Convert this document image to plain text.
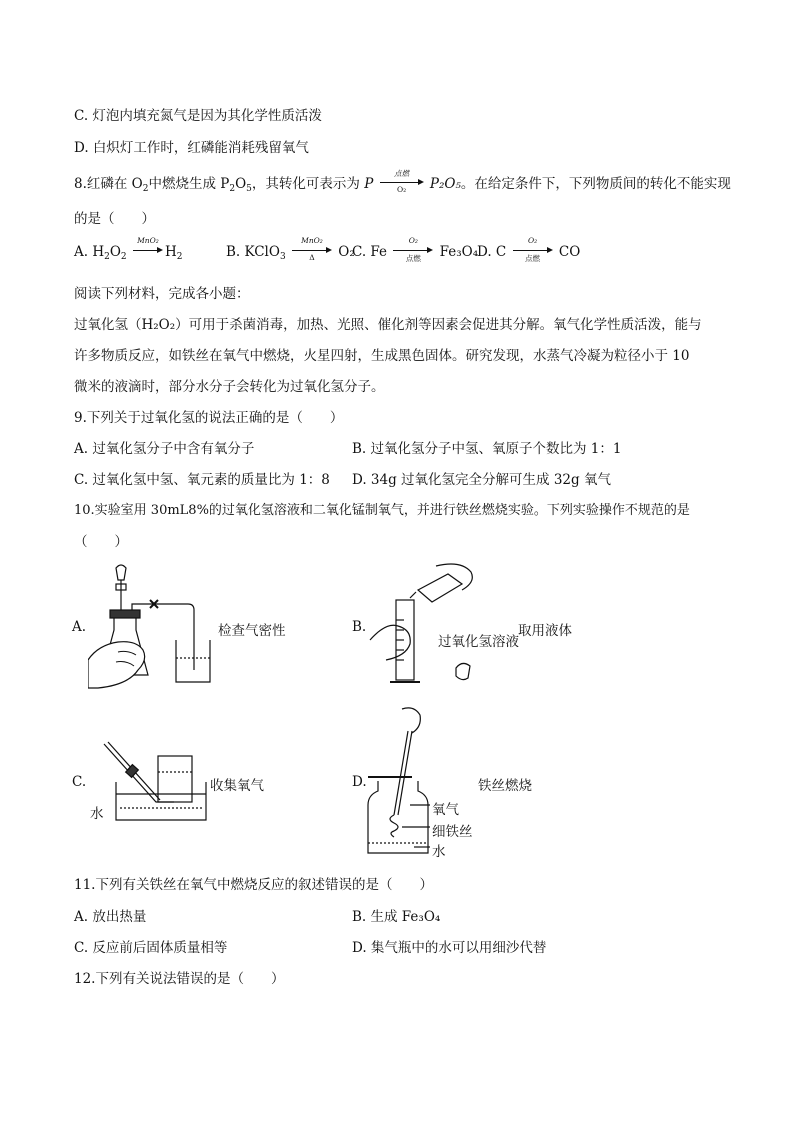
C. 灯泡内填充氮气是因为其化学性质活泼
D. 白炽灯工作时，红磷能消耗残留氧气
8.红磷在 $O_2$中燃烧生成 $P_2O_5$，其转化可表示为 P
点燃
O₂	P₂O₅。在给定条件下，下列物质间的转化不能实现
的是（　　）
A. $H_2O_2$
MnO₂
$H_2$	B. KClO$_3$
MnO₂
Δ	O₂
C. Fe
O₂
点燃	Fe₃O₄
D. C
O₂
点燃	CO
阅读下列材料，完成各小题：
过氧化氢（H₂O₂）可用于杀菌消毒，加热、光照、催化剂等因素会促进其分解。氧气化学性质活泼，能与
许多物质反应，如铁丝在氧气中燃烧，火星四射，生成黑色固体。研究发现，水蒸气冷凝为粒径小于 10
微米的液滴时，部分水分子会转化为过氧化氢分子。
9.下列关于过氧化氢的说法正确的是（　　）
A. 过氧化氢分子中含有氧分子	B. 过氧化氢分子中氢、氧原子个数比为 1：1
C. 过氧化氢中氢、氧元素的质量比为 1：8 D. 34g 过氧化氢完全分解可生成 32g 氧气
10.实验室用 30mL8%的过氧化氢溶液和二氧化锰制氧气，并进行铁丝燃烧实验。下列实验操作不规范的是
（　　）
A.	检查气密性	B.
过氧化氢溶液
取用液体
C.
水
收集氧气	D.
氧气
细铁丝
水
铁丝燃烧
11.下列有关铁丝在氧气中燃烧反应的叙述错误的是（　　）
A. 放出热量	B. 生成 Fe₃O₄
C. 反应前后固体质量相等	D. 集气瓶中的水可以用细沙代替
12.下列有关说法错误的是（　　）
